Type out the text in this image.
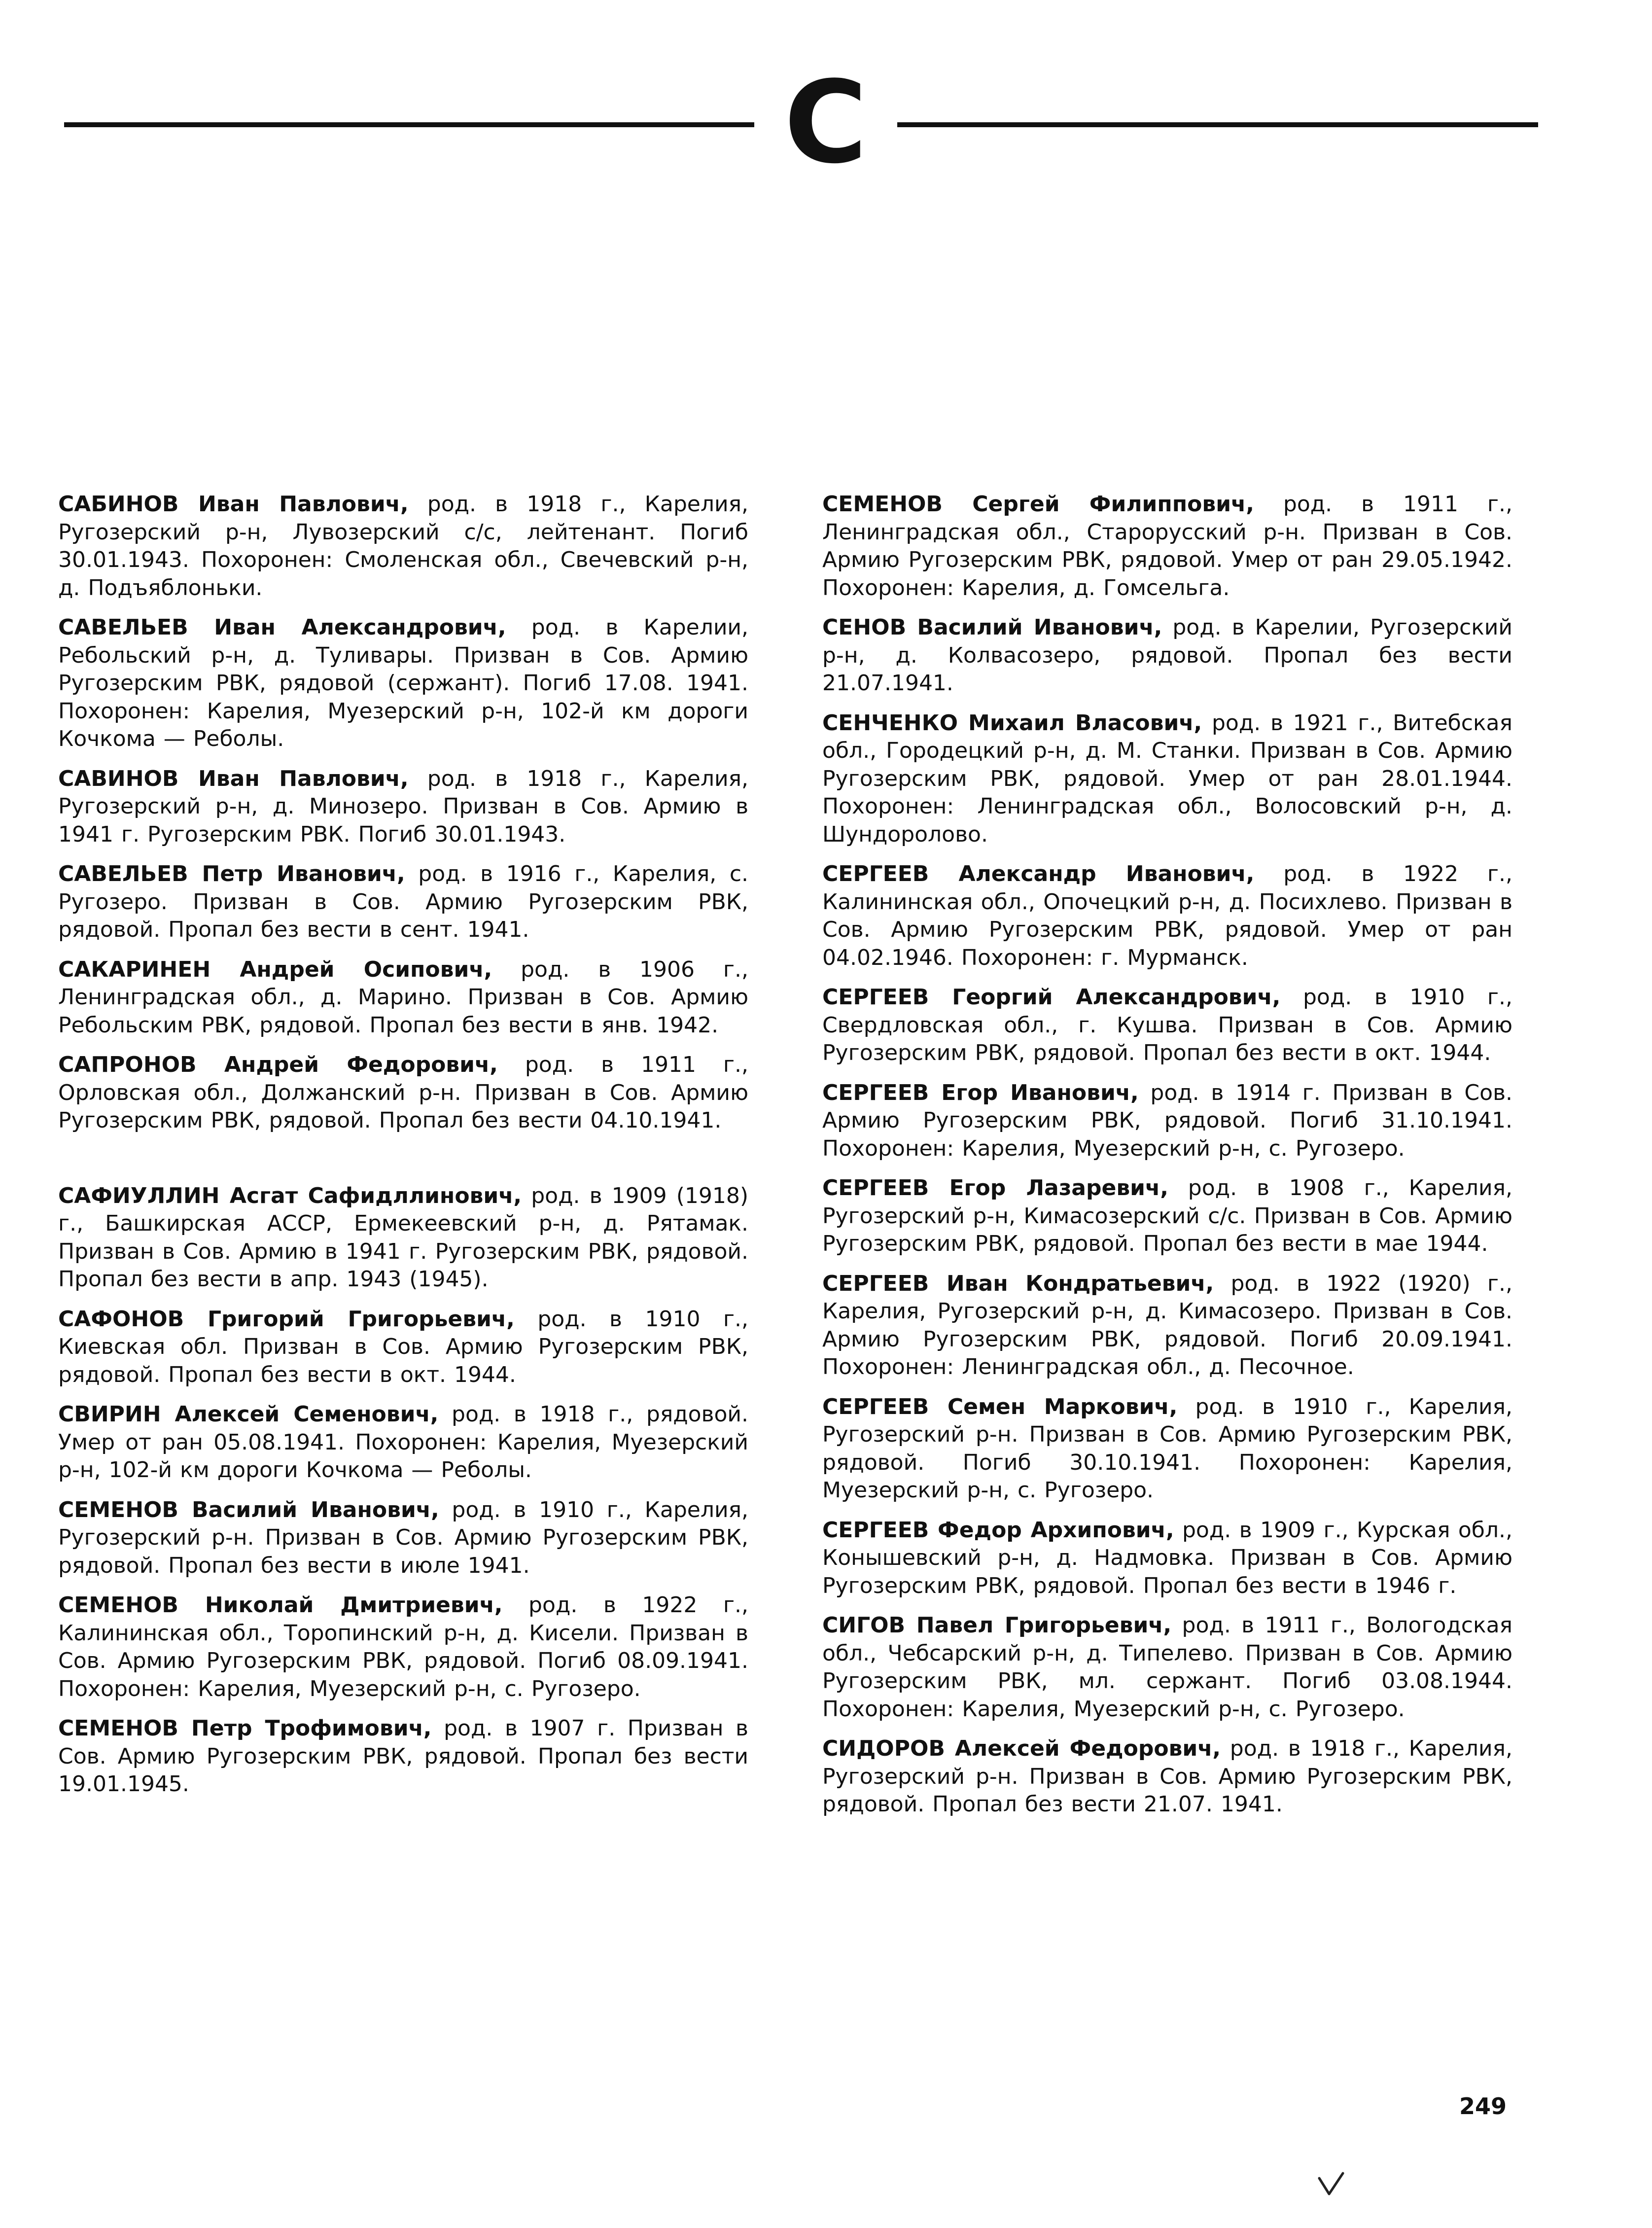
С

САБИНОВ Иван Павлович, род. в 1918 г., Карелия, Ругозерский р-н, Лувозерский с/с, лейтенант. Погиб 30.01.1943. Похоронен: Смоленская обл., Свечевский р-н, д. Подъяблоньки.

САВЕЛЬЕВ Иван Александрович, род. в Карелии, Ребольский р-н, д. Туливары. Призван в Сов. Армию Ругозерским РВК, рядовой (сержант). Погиб 17.08. 1941. Похоронен: Карелия, Муезерский р-н, 102-й км дороги Кочкома — Реболы.

САВИНОВ Иван Павлович, род. в 1918 г., Карелия, Ругозерский р-н, д. Минозеро. Призван в Сов. Армию в 1941 г. Ругозерским РВК. Погиб 30.01.1943.

САВЕЛЬЕВ Петр Иванович, род. в 1916 г., Карелия, с. Ругозеро. Призван в Сов. Армию Ругозерским РВК, рядовой. Пропал без вести в сент. 1941.

САКАРИНЕН Андрей Осипович, род. в 1906 г., Ленинградская обл., д. Марино. Призван в Сов. Армию Ребольским РВК, рядовой. Пропал без вести в янв. 1942.

САПРОНОВ Андрей Федорович, род. в 1911 г., Орловская обл., Должанский р-н. Призван в Сов. Армию Ругозерским РВК, рядовой. Пропал без вести 04.10.1941.

САФИУЛЛИН Асгат Сафидллинович, род. в 1909 (1918) г., Башкирская АССР, Ермекеевский р-н, д. Рятамак. Призван в Сов. Армию в 1941 г. Ругозерским РВК, рядовой. Пропал без вести в апр. 1943 (1945).

САФОНОВ Григорий Григорьевич, род. в 1910 г., Киевская обл. Призван в Сов. Армию Ругозерским РВК, рядовой. Пропал без вести в окт. 1944.

СВИРИН Алексей Семенович, род. в 1918 г., рядовой. Умер от ран 05.08.1941. Похоронен: Карелия, Муезерский р-н, 102-й км дороги Кочкома — Реболы.

СЕМЕНОВ Василий Иванович, род. в 1910 г., Карелия, Ругозерский р-н. Призван в Сов. Армию Ругозерским РВК, рядовой. Пропал без вести в июле 1941.

СЕМЕНОВ Николай Дмитриевич, род. в 1922 г., Калининская обл., Торопинский р-н, д. Кисели. Призван в Сов. Армию Ругозерским РВК, рядовой. Погиб 08.09.1941. Похоронен: Карелия, Муезерский р-н, с. Ругозеро.

СЕМЕНОВ Петр Трофимович, род. в 1907 г. Призван в Сов. Армию Ругозерским РВК, рядовой. Пропал без вести 19.01.1945.

СЕМЕНОВ Сергей Филиппович, род. в 1911 г., Ленинградская обл., Старорусский р-н. Призван в Сов. Армию Ругозерским РВК, рядовой. Умер от ран 29.05.1942. Похоронен: Карелия, д. Гомсельга.

СЕНОВ Василий Иванович, род. в Карелии, Ругозерский р-н, д. Колвасозеро, рядовой. Пропал без вести 21.07.1941.

СЕНЧЕНКО Михаил Власович, род. в 1921 г., Витебская обл., Городецкий р-н, д. М. Станки. Призван в Сов. Армию Ругозерским РВК, рядовой. Умер от ран 28.01.1944. Похоронен: Ленинградская обл., Волосовский р-н, д. Шундоролово.

СЕРГЕЕВ Александр Иванович, род. в 1922 г., Калининская обл., Опочецкий р-н, д. Посихлево. Призван в Сов. Армию Ругозерским РВК, рядовой. Умер от ран 04.02.1946. Похоронен: г. Мурманск.

СЕРГЕЕВ Георгий Александрович, род. в 1910 г., Свердловская обл., г. Кушва. Призван в Сов. Армию Ругозерским РВК, рядовой. Пропал без вести в окт. 1944.

СЕРГЕЕВ Егор Иванович, род. в 1914 г. Призван в Сов. Армию Ругозерским РВК, рядовой. Погиб 31.10.1941. Похоронен: Карелия, Муезерский р-н, с. Ругозеро.

СЕРГЕЕВ Егор Лазаревич, род. в 1908 г., Карелия, Ругозерский р-н, Кимасозерский с/с. Призван в Сов. Армию Ругозерским РВК, рядовой. Пропал без вести в мае 1944.

СЕРГЕЕВ Иван Кондратьевич, род. в 1922 (1920) г., Карелия, Ругозерский р-н, д. Кимасозеро. Призван в Сов. Армию Ругозерским РВК, рядовой. Погиб 20.09.1941. Похоронен: Ленинградская обл., д. Песочное.

СЕРГЕЕВ Семен Маркович, род. в 1910 г., Карелия, Ругозерский р-н. Призван в Сов. Армию Ругозерским РВК, рядовой. Погиб 30.10.1941. Похоронен: Карелия, Муезерский р-н, с. Ругозеро.

СЕРГЕЕВ Федор Архипович, род. в 1909 г., Курская обл., Конышевский р-н, д. Надмовка. Призван в Сов. Армию Ругозерским РВК, рядовой. Пропал без вести в 1946 г.

СИГОВ Павел Григорьевич, род. в 1911 г., Вологодская обл., Чебсарский р-н, д. Типелево. Призван в Сов. Армию Ругозерским РВК, мл. сержант. Погиб 03.08.1944. Похоронен: Карелия, Муезерский р-н, с. Ругозеро.

СИДОРОВ Алексей Федорович, род. в 1918 г., Карелия, Ругозерский р-н. Призван в Сов. Армию Ругозерским РВК, рядовой. Пропал без вести 21.07. 1941.

249
